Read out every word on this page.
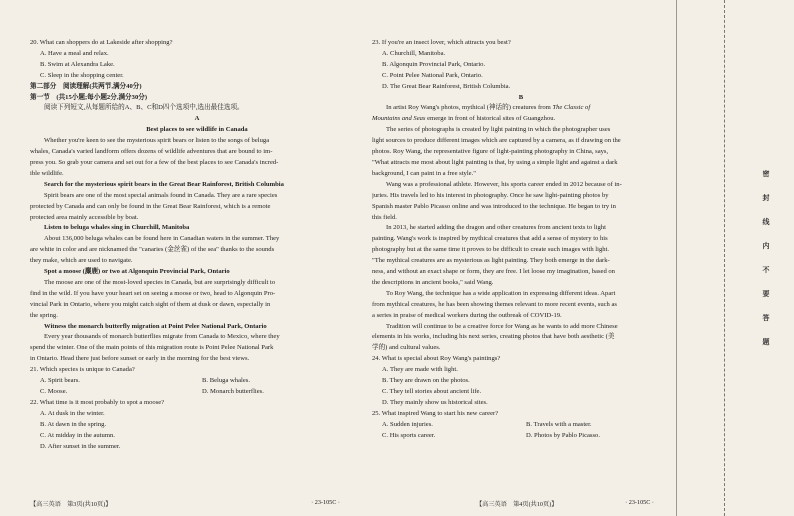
20. What can shoppers do at Lakeside after shopping?
A. Have a meal and relax.
B. Swim at Alexandra Lake.
C. Sleep in the shopping center.
第二部分　阅读理解(共两节,满分40分)
第一节　(共15小题;每小题2分,满分30分)
阅读下列短文,从每题所给的A、B、C和D四个选项中,选出最佳选项。
A
Best places to see wildlife in Canada
Whether you're keen to see the mysterious spirit bears or listen to the songs of beluga
whales, Canada's varied landform offers dozens of wildlife adventures that are bound to im-
press you. So grab your camera and set out for a few of the best places to see Canada's incred-
ible wildlife.
Search for the mysterious spirit bears in the Great Bear Rainforest, British Columbia
Spirit bears are one of the most special animals found in Canada. They are a rare species
protected by Canada and can only be found in the Great Bear Rainforest, which is a remote
protected area mainly accessible by boat.
Listen to beluga whales sing in Churchill, Manitoba
About 136,000 beluga whales can be found here in Canadian waters in the summer. They
are white in color and are nicknamed the "canaries (金丝雀) of the sea" thanks to the sounds
they make, which are used to navigate.
Spot a moose (麋鹿) or two at Algonquin Provincial Park, Ontario
The moose are one of the most-loved species in Canada, but are surprisingly difficult to
find in the wild. If you have your heart set on seeing a moose or two, head to Algonquin Pro-
vincial Park in Ontario, where you might catch sight of them at dusk or dawn, especially in
the spring.
Witness the monarch butterfly migration at Point Pelee National Park, Ontario
Every year thousands of monarch butterflies migrate from Canada to Mexico, where they
spend the winter. One of the main points of this migration route is Point Pelee National Park
in Ontario. Head there just before sunset or early in the morning for the best views.
21. Which species is unique to Canada?
A. Spirit bears.	B. Beluga whales.
C. Moose.	D. Monarch butterflies.
22. What time is it most probably to spot a moose?
A. At dusk in the winter.
B. At dawn in the spring.
C. At midday in the autumn.
D. After sunset in the summer.
【高三英语　第3页(共10页)】	· 23-105C ·
23. If you're an insect lover, which attracts you best?
A. Churchill, Manitoba.
B. Algonquin Provincial Park, Ontario.
C. Point Pelee National Park, Ontario.
D. The Great Bear Rainforest, British Columbia.
B
In artist Roy Wang's photos, mythical (神话的) creatures from The Classic of
Mountains and Seas emerge in front of historical sites of Guangzhou.
The series of photographs is created by light painting in which the photographer uses
light sources to produce different images which are captured by a camera, as if drawing on the
photos. Roy Wang, the representative figure of light-painting photography in China, says,
"What attracts me most about light painting is that, by using a simple light and against a dark
background, I can paint in a free style."
Wang was a professional athlete. However, his sports career ended in 2012 because of in-
juries. His travels led to his interest in photography. Once he saw light-painting photos by
Spanish master Pablo Picasso online and was introduced to the technique. He began to try in
this field.
In 2013, he started adding the dragon and other creatures from ancient texts to light
painting. Wang's work is inspired by mythical creatures that add a sense of mystery to his
photography but at the same time it proves to be difficult to create such images with light.
"The mythical creatures are as mysterious as light painting. They both emerge in the dark-
ness, and without an exact shape or form, they are free. I let loose my imagination, based on
the descriptions in ancient books," said Wang.
To Roy Wang, the technique has a wide application in expressing different ideas. Apart
from mythical creatures, he has been showing themes relevant to more recent events, such as
a series in praise of medical workers during the outbreak of COVID-19.
Tradition will continue to be a creative force for Wang as he wants to add more Chinese
elements in his works, including his next series, creating photos that have both aesthetic (美
学的) and cultural values.
24. What is special about Roy Wang's paintings?
A. They are made with light.
B. They are drawn on the photos.
C. They tell stories about ancient life.
D. They mainly show us historical sites.
25. What inspired Wang to start his new career?
A. Sudden injuries.	B. Travels with a master.
C. His sports career.	D. Photos by Pablo Picasso.
【高三英语　第4页(共10页)】	· 23-105C ·
密封线内不要答题
